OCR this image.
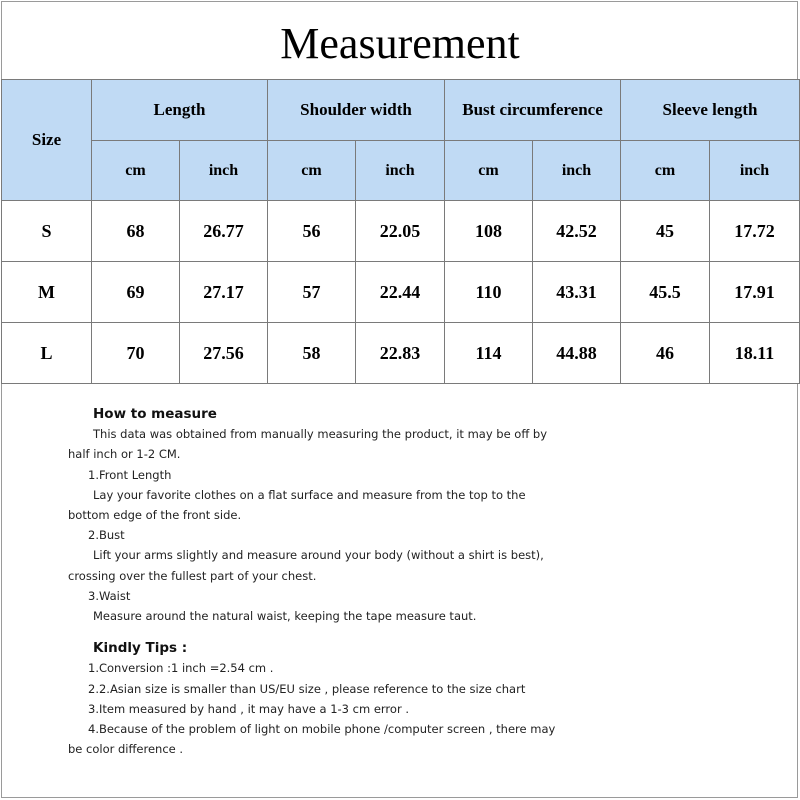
Measurement
Size	Length		Shoulder width		Bust circumference		Sleeve length	
	cm	inch	cm	inch	cm	inch	cm	inch
S	68	26.77	56	22.05	108	42.52	45	17.72
M	69	27.17	57	22.44	110	43.31	45.5	17.91
L	70	27.56	58	22.83	114	44.88	46	18.11

How to measure

This data was obtained from manually measuring the product, it may be off by

half inch or 1-2 CM.

1.Front Length

Lay your favorite clothes on a flat surface and measure from the top to the

bottom edge of the front side.

2.Bust

Lift your arms slightly and measure around your body (without a shirt is best),

crossing over the fullest part of your chest.

3.Waist

Measure around the natural waist, keeping the tape measure taut.

Kindly Tips :

1.Conversion :1 inch =2.54 cm .

2.2.Asian size is smaller than US/EU size , please reference to the size chart

3.Item measured by hand , it may have a 1-3 cm error .

4.Because of the problem of light on mobile phone /computer screen , there may

be color difference .
